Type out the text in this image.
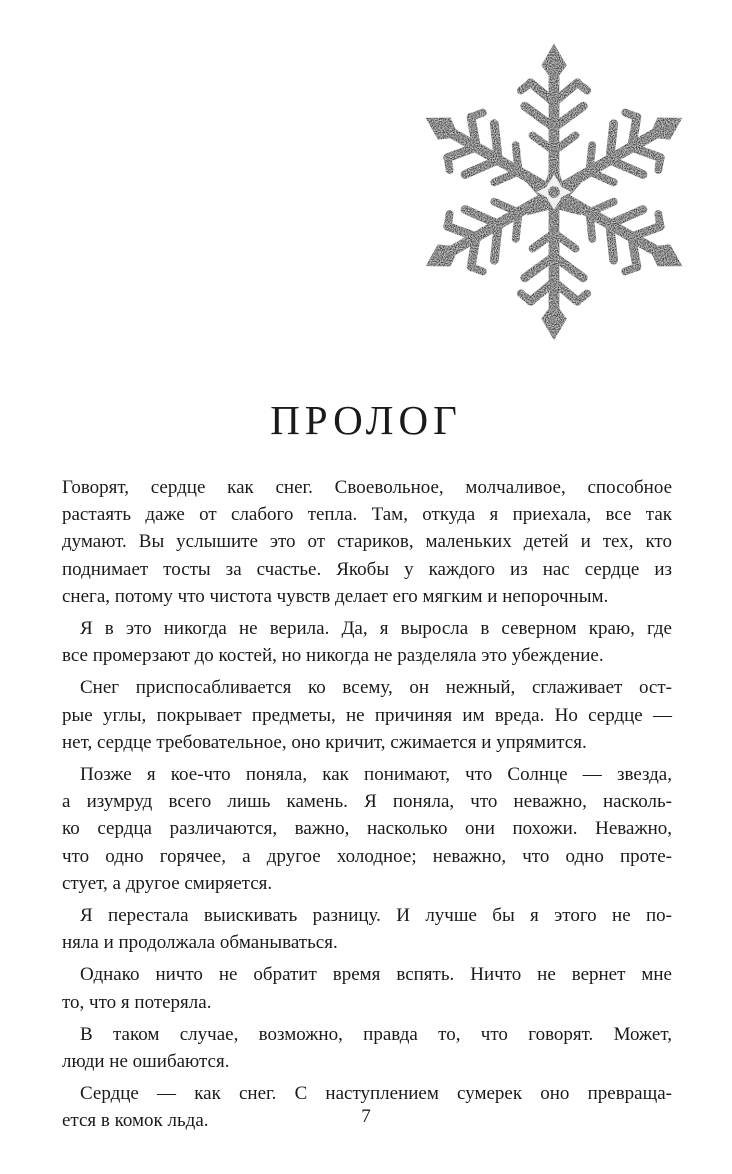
ПРОЛОГ
Говорят, сердце как снег. Своевольное, молчаливое, способное
растаять даже от слабого тепла. Там, откуда я приехала, все так
думают. Вы услышите это от стариков, маленьких детей и тех, кто
поднимает тосты за счастье. Якобы у каждого из нас сердце из
снега, потому что чистота чувств делает его мягким и непорочным.
Я в это никогда не верила. Да, я выросла в северном краю, где
все промерзают до костей, но никогда не разделяла это убеждение.
Снег приспосабливается ко всему, он нежный, сглаживает ост-
рые углы, покрывает предметы, не причиняя им вреда. Но сердце —
нет, сердце требовательное, оно кричит, сжимается и упрямится.
Позже я кое-что поняла, как понимают, что Солнце — звезда,
а изумруд всего лишь камень. Я поняла, что неважно, насколь-
ко сердца различаются, важно, насколько они похожи. Неважно,
что одно горячее, а другое холодное; неважно, что одно проте-
стует, а другое смиряется.
Я перестала выискивать разницу. И лучше бы я этого не по-
няла и продолжала обманываться.
Однако ничто не обратит время вспять. Ничто не вернет мне
то, что я потеряла.
В таком случае, возможно, правда то, что говорят. Может,
люди не ошибаются.
Сердце — как снег. С наступлением сумерек оно превраща-
ется в комок льда.	7
